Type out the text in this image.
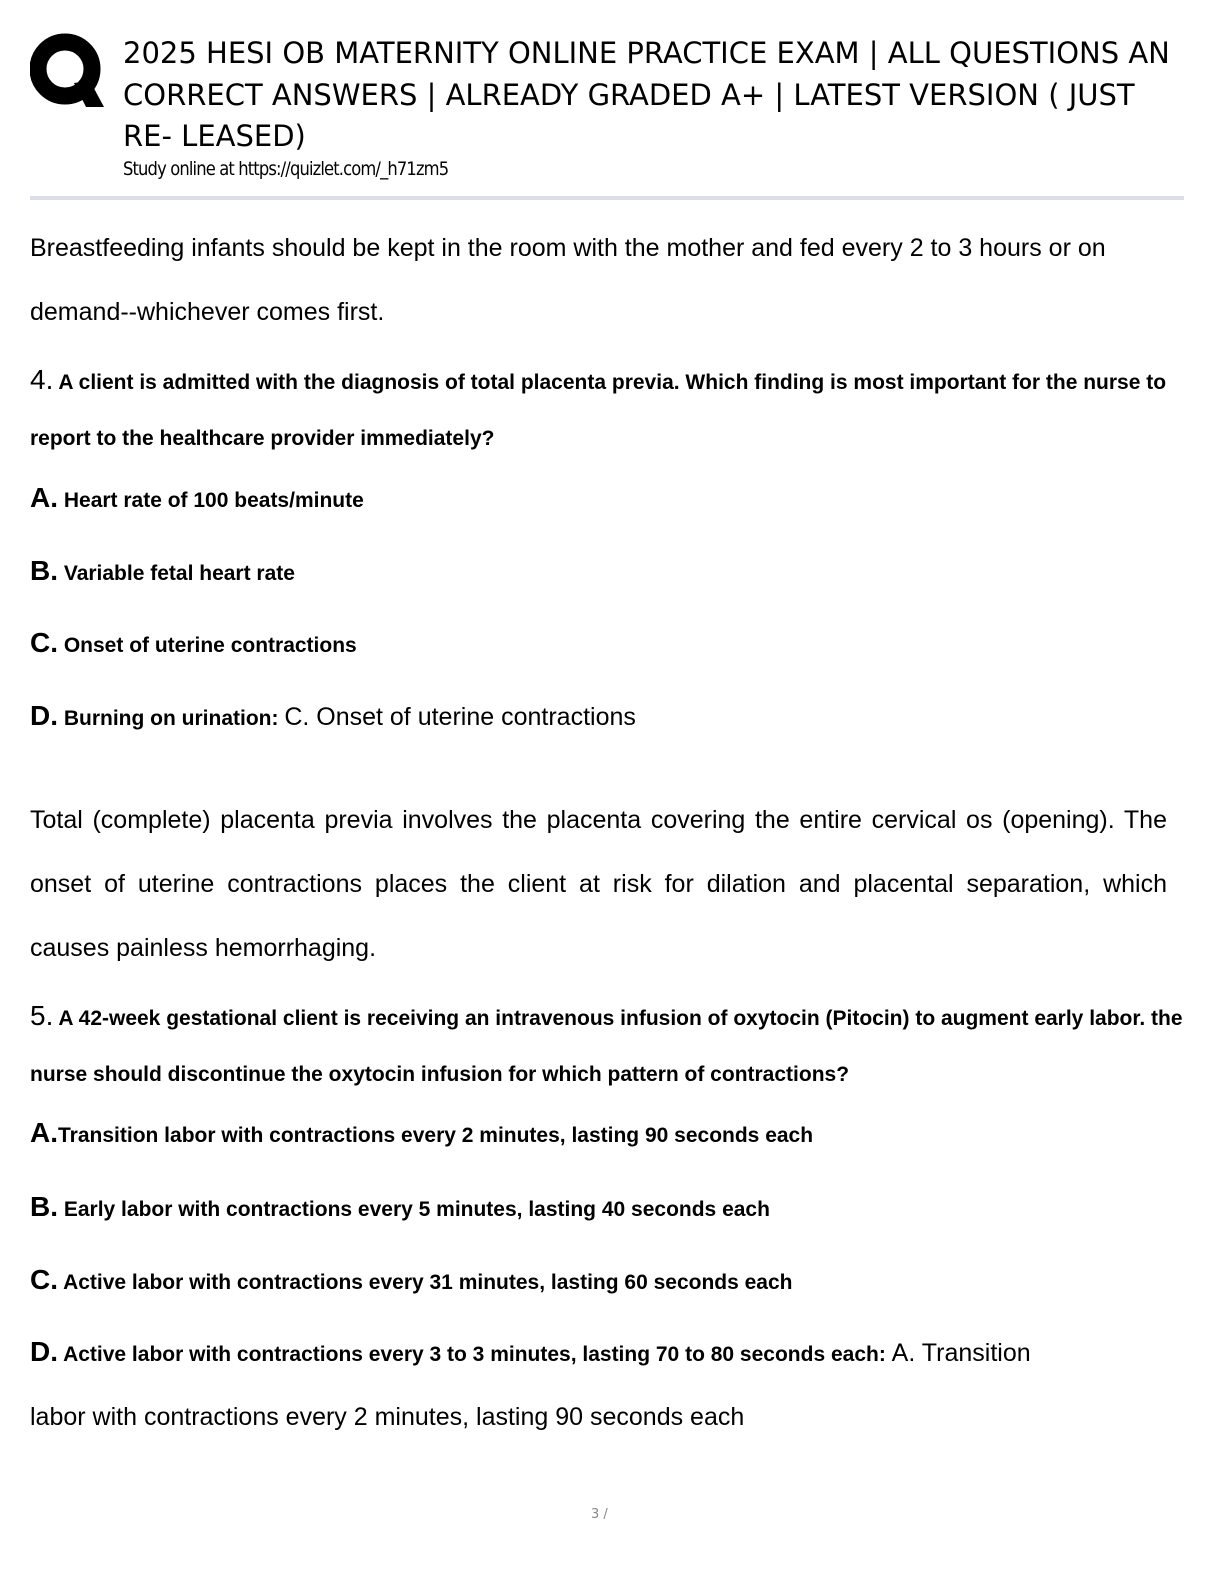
2025 HESI OB MATERNITY ONLINE PRACTICE EXAM | ALL QUESTIONS AN CORRECT ANSWERS | ALREADY GRADED A+ | LATEST VERSION ( JUST RE- LEASED)
Study online at https://quizlet.com/_h71zm5

Breastfeeding infants should be kept in the room with the mother and fed every 2 to 3 hours or on demand--whichever comes first.

4. A client is admitted with the diagnosis of total placenta previa. Which finding is most important for the nurse to report to the healthcare provider immediately?

A. Heart rate of 100 beats/minute

B. Variable fetal heart rate

C. Onset of uterine contractions

D. Burning on urination: C. Onset of uterine contractions

Total (complete) placenta previa involves the placenta covering the entire cervical os (opening). The onset of uterine contractions places the client at risk for dilation and placental separation, which causes painless hemorrhaging.

5. A 42-week gestational client is receiving an intravenous infusion of oxytocin (Pitocin) to augment early labor. the nurse should discontinue the oxytocin infusion for which pattern of contractions?

A.Transition labor with contractions every 2 minutes, lasting 90 seconds each

B. Early labor with contractions every 5 minutes, lasting 40 seconds each

C. Active labor with contractions every 31 minutes, lasting 60 seconds each

D. Active labor with contractions every 3 to 3 minutes, lasting 70 to 80 seconds each: A. Transition

labor with contractions every 2 minutes, lasting 90 seconds each

3 /
